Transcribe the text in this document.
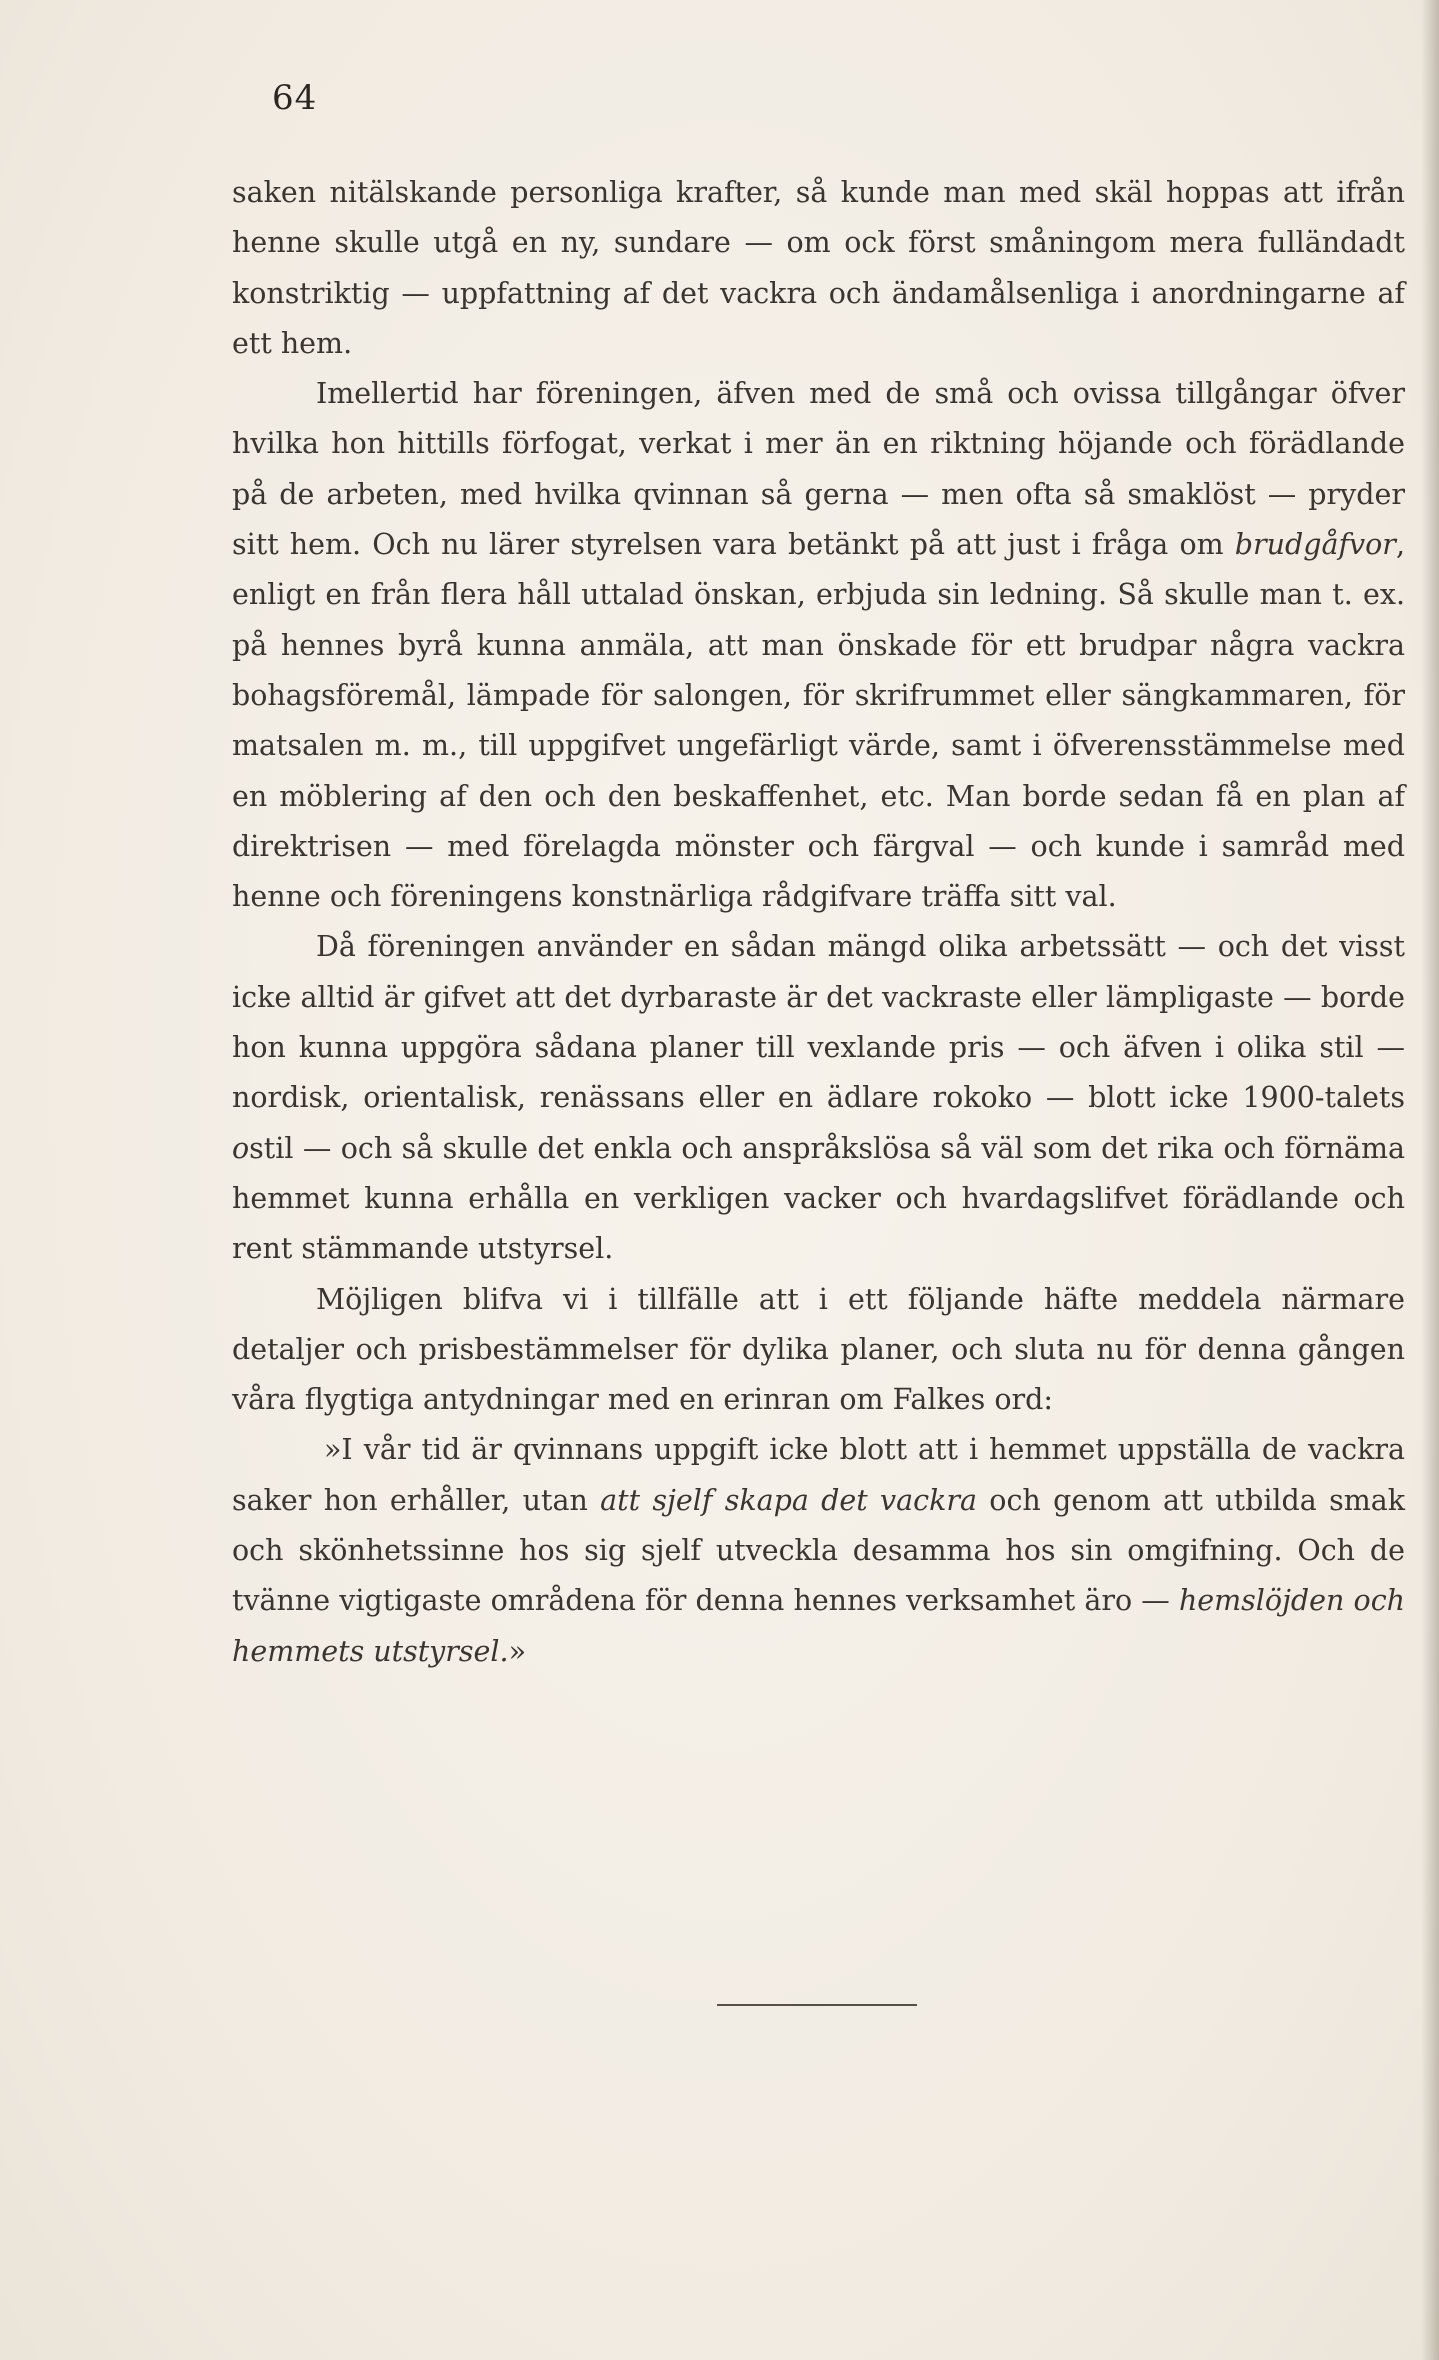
64

saken nitälskande personliga krafter, så kunde man med skäl hoppas att ifrån henne skulle utgå en ny, sundare — om ock först småningom mera fulländadt konstriktig — uppfattning af det vackra och ändamålsenliga i anordningarne af ett hem.

Imellertid har föreningen, äfven med de små och ovissa tillgångar öfver hvilka hon hittills förfogat, verkat i mer än en riktning höjande och förädlande på de arbeten, med hvilka qvinnan så gerna — men ofta så smaklöst — pryder sitt hem. Och nu lärer styrelsen vara betänkt på att just i fråga om brudgåfvor, enligt en från flera håll uttalad önskan, erbjuda sin ledning. Så skulle man t. ex. på hennes byrå kunna anmäla, att man önskade för ett brudpar några vackra bohagsföremål, lämpade för salongen, för skrifrummet eller sängkammaren, för matsalen m. m., till uppgifvet ungefärligt värde, samt i öfverensstämmelse med en möblering af den och den beskaffenhet, etc. Man borde sedan få en plan af direktrisen — med förelagda mönster och färgval — och kunde i samråd med henne och föreningens konstnärliga rådgifvare träffa sitt val.

Då föreningen använder en sådan mängd olika arbetssätt — och det visst icke alltid är gifvet att det dyrbaraste är det vackraste eller lämpligaste — borde hon kunna uppgöra sådana planer till vexlande pris — och äfven i olika stil — nordisk, orientalisk, renässans eller en ädlare rokoko — blott icke 1900-talets ostil — och så skulle det enkla och anspråkslösa så väl som det rika och förnäma hemmet kunna erhålla en verkligen vacker och hvardagslifvet förädlande och rent stämmande utstyrsel.

Möjligen blifva vi i tillfälle att i ett följande häfte meddela närmare detaljer och prisbestämmelser för dylika planer, och sluta nu för denna gången våra flygtiga antydningar med en erinran om Falkes ord:

»I vår tid är qvinnans uppgift icke blott att i hemmet uppställa de vackra saker hon erhåller, utan att sjelf skapa det vackra och genom att utbilda smak och skönhetssinne hos sig sjelf utveckla desamma hos sin omgifning. Och de tvänne vigtigaste områdena för denna hennes verksamhet äro — hemslöjden och hemmets utstyrsel.»
